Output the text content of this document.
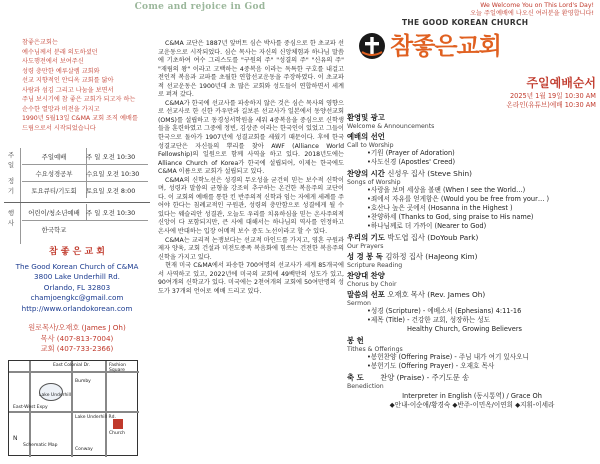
Come and rejoice in God
참좋은교회는
예수님께서 분래 의도하셨던
사도행전에서 보여주신
성령 충만한 예루살렘 교회와
선교 지향적인 안디옥 교회를 닮아
사람과 섬김 그리고 나눔을 보면서
주님 보시기에 참 좋은 교회가 되고자 하는
순수한 열망과 비전을 가지고
1990년 5월13일 C&MA 교회 조직 예배를
드림으로서 시작되었습니다
주
일
정
기
행
사
주일예배	주 일 오전 10:30
수요성경공부	수요일 오전 10:30
토요큐티/기도회	토요일 오전 8:00
어린이/청소년예배 주 일 오전 10:30
한국학교
참 좋 은 교 회
The Good Korean Church of C&MA
3800 Lake Underhill Rd.
Orlando, FL 32803
chamjoengkc@gmail.com
http://www.orlandokorean.com
원로목사/오재호 (James J Oh)
목사 (407-813-7004)
교회 (407-733-2366)
East Colonial Dr.
Lake Underhill
East-West Expy
Lake Underhill Rd.
Church
N
Schematic Map
Fashion Square
Bumby
Conway

C&MA 교단은 1887년 앞버트 심슨 박사를 중심으로 한 초교파 선교운동으로 시작되었다. 심슨 목사는 자신의 신앙체험과 하나님 말씀에 기초하여 여수 그리스도를 "구원의 주" "성결의 주" "신유의 주" "재림의 왕" 이라고 고백하는 4중복음 이라는 독특한 구호를 내걸고 전인적 복음과 교파를 초월한 연합선교운동을 주장하였다. 이 초교파적 선교운동은 1900년대 초 많은 교회와 성도들이 연합하면서 세계로 퍼져 갔다.

C&MA가 한국에 선교사를 파송하지 않은 것은 심슨 목사의 영향으로 선교사로 한 신한 카우만과 길보른 선교사가 일본에서 동양선교회(OMS)를 설립하고 동경성서학원을 세워 4중복음을 중심으로 신학생들을 훈련하였고 그중에 정빈, 김상준 이라는 한국인이 있었고 그들이 한국으로 돌아가 1907년에 성결교회를 세웠기 때문이다. 후에 한국 성결교단은 자신들의 뿌리를 찾아 AWF (Alliance World Fellowship)의 일원으로 함께 사역을 하고 있다. 2018년도에는 Alliance Church of Korea가 한국에 설립되어, 이제는 한국에도 C&MA 이름으로 교회가 설립되고 있다.

C&MA의 신학노선은 성경의 무오성을 굳건히 믿는 보수적 신학이며, 성령과 말씀의 균형을 강조히 추구하는 온건한 복음주의 교단이다. 이 교회의 예배를 통한 킨 반주의적 신학과 임는 자에게 세례를 주어야 한다는 침례교적인 구원관, 성령의 충만함으로 성결에게 될 수 있다는 웨슬리안 성결관, 오늘도 우리를 치유하심을 믿는 온사주의적 신앙이 다 포함되지만, 큰 사에 대해서는 하나님의 역사를 인정하고 온사에 반대하는 입장 어메적 보수 중도 노선이라고 할 수 있다.

C&MA는 교리적 논쟁보다는 선교적 마인드를 가지고, 영혼 구원과 제자 양육, 교회 건설과 미전도종족 복음화에 힘쓰는 건전한 복음주의 신학을 가지고 있다.

현재 미국 C&MA에서 파송한 700여명의 선교사가 세계 85개국에서 사역하고 있고, 2022년에 미국의 교회에 49백만의 성도가 있고, 90여개의 신학교가 있다. 미국에는 2천여개의 교회에 50여만명의 성도가 37개의 언어로 예배 드리고 있다.

We Welcome You on This Lord's Day!
오늘 주일예배에 나오신 여러분을 환영합니다!
THE GOOD KOREAN CHURCH
참좋은교회
주일예배순서
2025년 1월 19일 10:30 AM
온라인(유튜브)예배 10:30 AM
환영및 광고
Welcome & Announcements
예배의 선언
Call to Worship
•기원 (Prayer of Adoration)
•사도신경 (Apostles' Creed)
찬양의 시간 신성우 집사 (Steve Shin)
Songs of Worship
•사랑을 보며 세상을 볼팬 (When I see the World…)
•죄에서 자유를 얻게함은 (Would you be free from your… )
•호산나 높은 곳에서 (Hosanna in the Highest )
•찬양하세 (Thanks to God, sing praise to His name)
•하나님께로 더 가까이 (Nearer to God)
우리의 기도 박도엽 집사 (DoYoub Park)
Our Prayers
성 경 봉 독 김하정 집사 (HaJeong Kim)
Scripture Reading
찬양대 찬양
Chorus by Choir
말씀의 선포 오재호 목사 (Rev. James Oh)
Sermon
•성경 (Scripture) - 에베소서 (Ephesians) 4:11-16
•제목 (Title) - 건강한 교회, 성장하는 성도
Healthy Church, Growing Believers
봉 헌
Tithes & Offerings
•봉헌찬양 (Offering Praise) - 주님 내가 여기 있사오니
•봉헌기도 (Offering Prayer) - 오재호 목사
축 도 찬양 (Praise) - 주기도문 송
Benediction
Interpreter in English (동시통역) / Grace Oh
◆안내-이순애/황경숙 ◆반주-이민옥/이연희 ◆지휘-이세라
